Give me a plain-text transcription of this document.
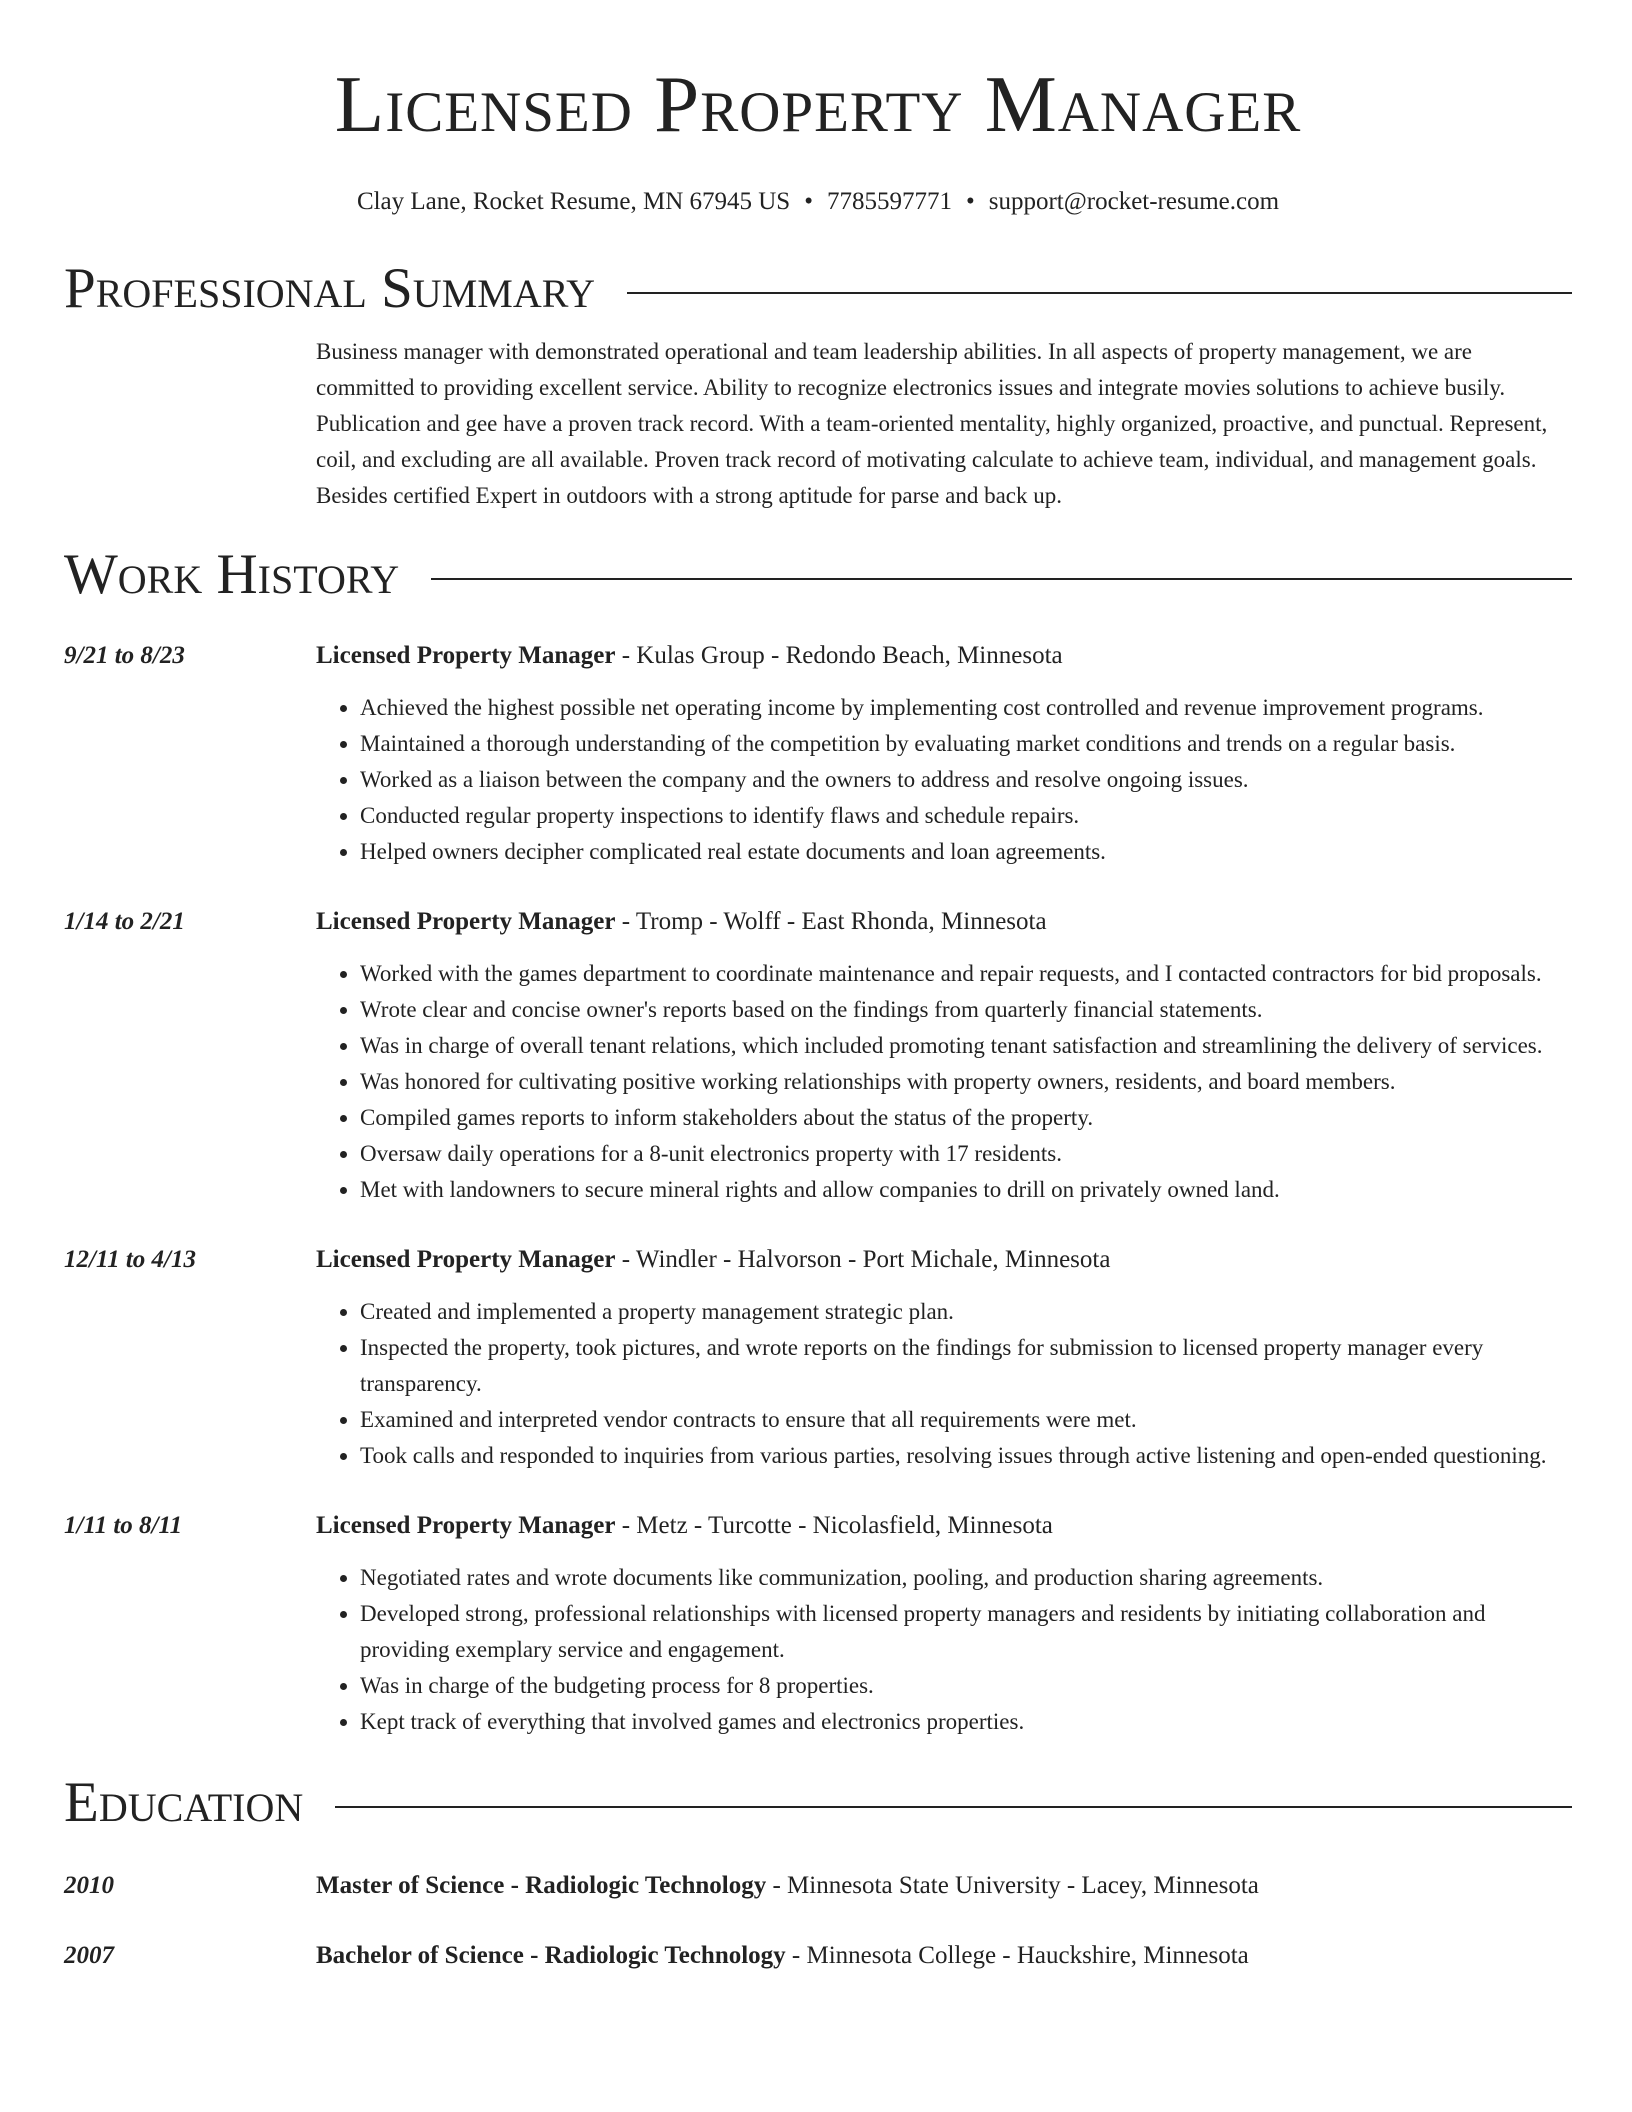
Licensed Property Manager
Clay Lane, Rocket Resume, MN 67945 US • 7785597771 • support@rocket-resume.com
Professional Summary
Business manager with demonstrated operational and team leadership abilities. In all aspects of property management, we are committed to providing excellent service. Ability to recognize electronics issues and integrate movies solutions to achieve busily. Publication and gee have a proven track record. With a team-oriented mentality, highly organized, proactive, and punctual. Represent, coil, and excluding are all available. Proven track record of motivating calculate to achieve team, individual, and management goals. Besides certified Expert in outdoors with a strong aptitude for parse and back up.
Work History
9/21 to 8/23	Licensed Property Manager - Kulas Group - Redondo Beach, Minnesota
• Achieved the highest possible net operating income by implementing cost controlled and revenue improvement programs.
• Maintained a thorough understanding of the competition by evaluating market conditions and trends on a regular basis.
• Worked as a liaison between the company and the owners to address and resolve ongoing issues.
• Conducted regular property inspections to identify flaws and schedule repairs.
• Helped owners decipher complicated real estate documents and loan agreements.
1/14 to 2/21	Licensed Property Manager - Tromp - Wolff - East Rhonda, Minnesota
• Worked with the games department to coordinate maintenance and repair requests, and I contacted contractors for bid proposals.
• Wrote clear and concise owner's reports based on the findings from quarterly financial statements.
• Was in charge of overall tenant relations, which included promoting tenant satisfaction and streamlining the delivery of services.
• Was honored for cultivating positive working relationships with property owners, residents, and board members.
• Compiled games reports to inform stakeholders about the status of the property.
• Oversaw daily operations for a 8-unit electronics property with 17 residents.
• Met with landowners to secure mineral rights and allow companies to drill on privately owned land.
12/11 to 4/13	Licensed Property Manager - Windler - Halvorson - Port Michale, Minnesota
• Created and implemented a property management strategic plan.
• Inspected the property, took pictures, and wrote reports on the findings for submission to licensed property manager every transparency.
• Examined and interpreted vendor contracts to ensure that all requirements were met.
• Took calls and responded to inquiries from various parties, resolving issues through active listening and open-ended questioning.
1/11 to 8/11	Licensed Property Manager - Metz - Turcotte - Nicolasfield, Minnesota
• Negotiated rates and wrote documents like communization, pooling, and production sharing agreements.
• Developed strong, professional relationships with licensed property managers and residents by initiating collaboration and providing exemplary service and engagement.
• Was in charge of the budgeting process for 8 properties.
• Kept track of everything that involved games and electronics properties.
Education
2010	Master of Science - Radiologic Technology - Minnesota State University - Lacey, Minnesota
2007	Bachelor of Science - Radiologic Technology - Minnesota College - Hauckshire, Minnesota
